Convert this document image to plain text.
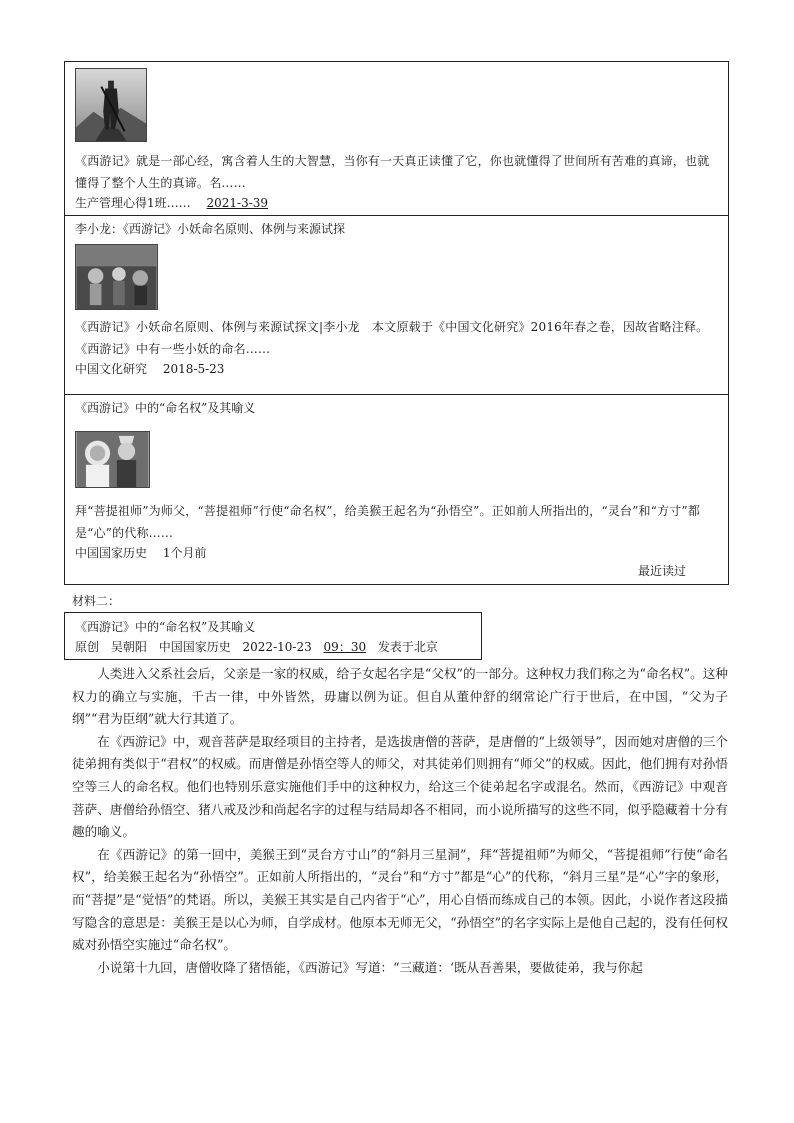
《西游记》就是一部心经，寓含着人生的大智慧，当你有一天真正读懂了它，你也就懂得了世间所有苦难的真谛，也就懂得了整个人生的真谛。名……
生产管理心得1班…… 2021-3-39
李小龙：《西游记》小妖命名原则、体例与来源试探
《西游记》小妖命名原则、体例与来源试探文|李小龙　本文原载于《中国文化研究》2016年春之卷，因故省略注释。《西游记》中有一些小妖的命名……
中国文化研究 2018-5-23
《西游记》中的“命名权”及其喻义
拜“菩提祖师”为师父，“菩提祖师”行使“命名权”，给美猴王起名为“孙悟空”。正如前人所指出的，“灵台”和“方寸”都是“心”的代称……
中国国家历史 1个月前
最近读过
材料二：
《西游记》中的“命名权”及其喻义
原创 吴朝阳 中国国家历史 2022-10-23 09：30 发表于北京

人类进入父系社会后，父亲是一家的权威，给子女起名字是“父权”的一部分。这种权力我们称之为“命名权”。这种权力的确立与实施，千古一律，中外皆然，毋庸以例为证。但自从董仲舒的纲常论广行于世后，在中国，“父为子纲”“君为臣纲”就大行其道了。

在《西游记》中，观音菩萨是取经项目的主持者，是选拔唐僧的菩萨，是唐僧的“上级领导”，因而她对唐僧的三个徒弟拥有类似于“君权”的权威。而唐僧是孙悟空等人的师父，对其徒弟们则拥有“师父”的权威。因此，他们拥有对孙悟空等三人的命名权。他们也特别乐意实施他们手中的这种权力，给这三个徒弟起名字或混名。然而，《西游记》中观音菩萨、唐僧给孙悟空、猪八戒及沙和尚起名字的过程与结局却各不相同，而小说所描写的这些不同，似乎隐藏着十分有趣的喻义。

在《西游记》的第一回中，美猴王到“灵台方寸山”的“斜月三星洞”，拜“菩提祖师”为师父，“菩提祖师”行使“命名权”，给美猴王起名为“孙悟空”。正如前人所指出的，“灵台”和“方寸”都是“心”的代称，“斜月三星”是“心”字的象形，而“菩提”是“觉悟”的梵语。所以，美猴王其实是自己内省于“心”，用心自悟而练成自己的本领。因此，小说作者这段描写隐含的意思是：美猴王是以心为师，自学成材。他原本无师无父，“孙悟空”的名字实际上是他自己起的，没有任何权威对孙悟空实施过“命名权”。

小说第十九回，唐僧收降了猪悟能，《西游记》写道：“三藏道：‘既从吾善果，要做徒弟，我与你起
